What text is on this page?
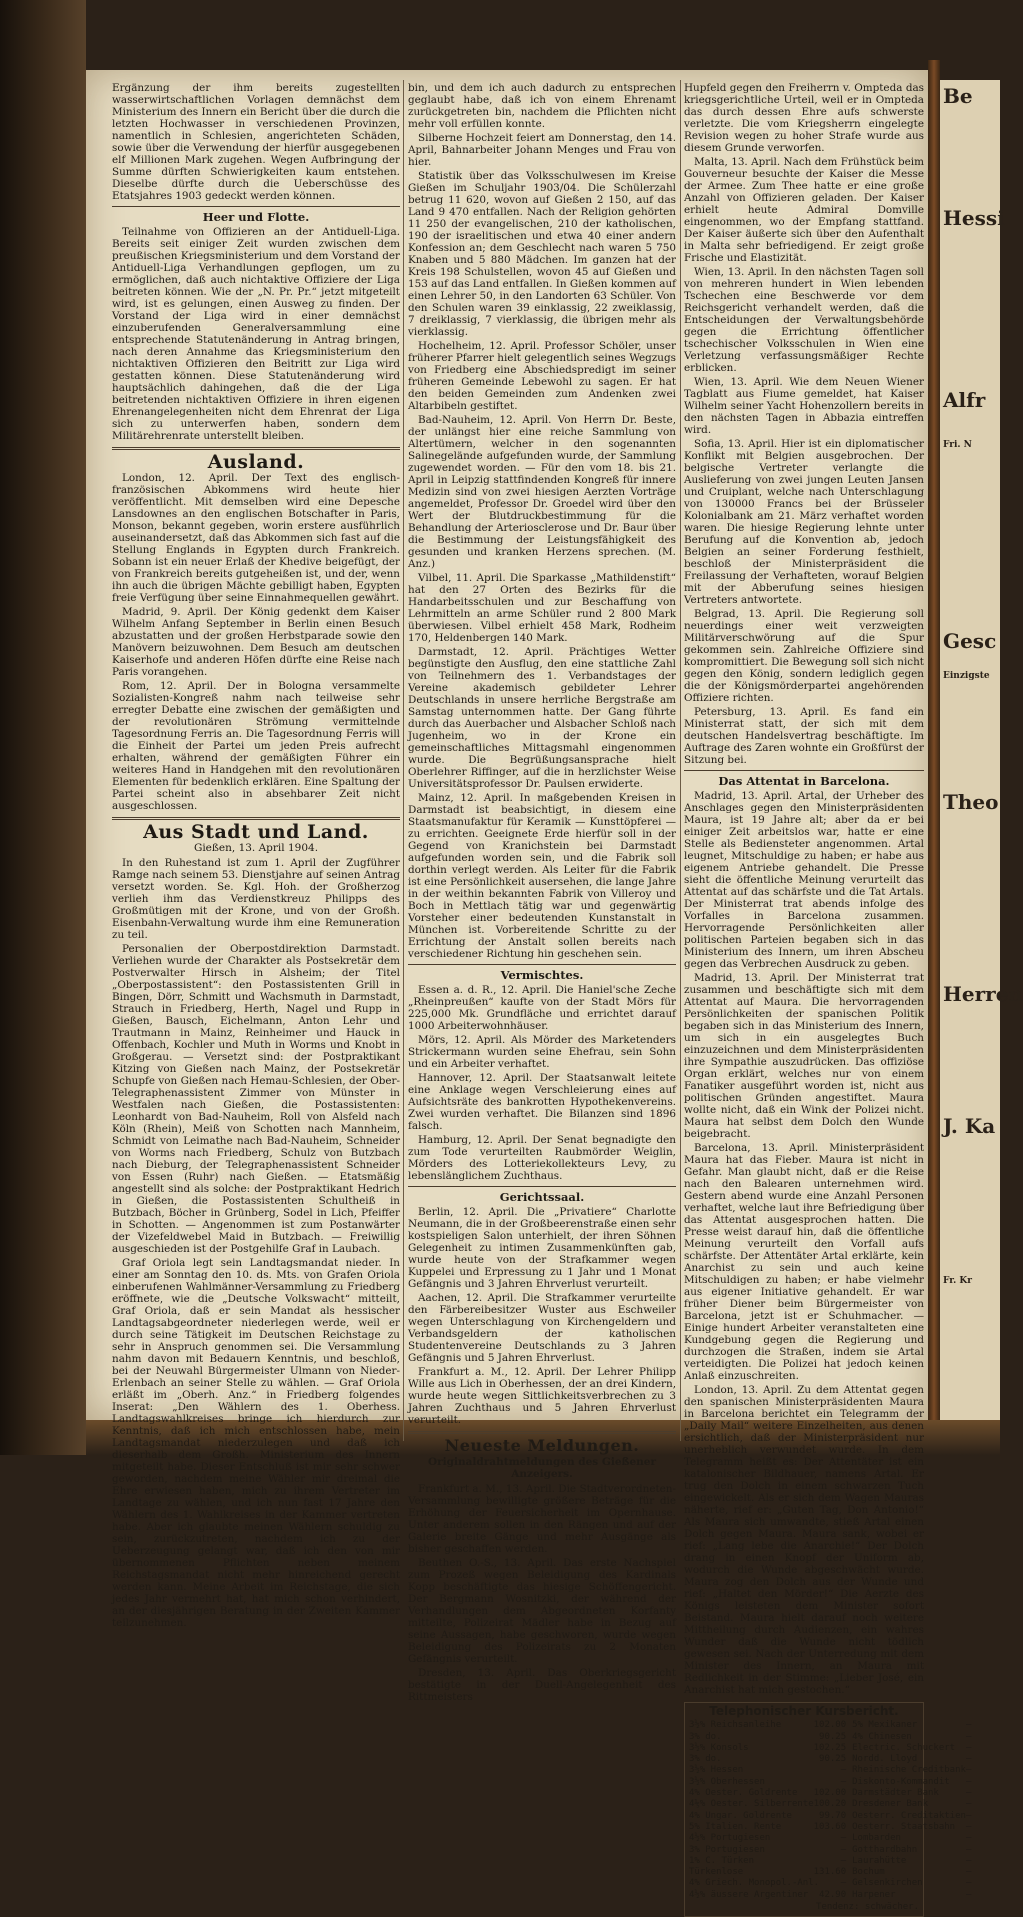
Be
Hessi
Alfr
Fri. N
Gesc
Einzigste
Theo
Herren
J. Ka
Fr. Kr

Ergänzung der ihm bereits zugestellten wasserwirtschaftlichen Vorlagen demnächst dem Ministerium des Innern ein Bericht über die durch die letzten Hochwasser in verschiedenen Provinzen, namentlich in Schlesien, angerichteten Schäden, sowie über die Verwendung der hierfür ausgegebenen elf Millionen Mark zugehen. Wegen Aufbringung der Summe dürften Schwierigkeiten kaum entstehen. Dieselbe dürfte durch die Ueberschüsse des Etatsjahres 1903 gedeckt werden können.

Heer und Flotte.

Teilnahme von Offizieren an der Antiduell-Liga. Bereits seit einiger Zeit wurden zwischen dem preußischen Kriegsministerium und dem Vorstand der Antiduell-Liga Verhandlungen gepflogen, um zu ermöglichen, daß auch nichtaktive Offiziere der Liga beitreten können. Wie der „N. Pr. Pr.“ jetzt mitgeteilt wird, ist es gelungen, einen Ausweg zu finden. Der Vorstand der Liga wird in einer demnächst einzuberufenden Generalversammlung eine entsprechende Statutenänderung in Antrag bringen, nach deren Annahme das Kriegsministerium den nichtaktiven Offizieren den Beitritt zur Liga wird gestatten können. Diese Statutenänderung wird hauptsächlich dahingehen, daß die der Liga beitretenden nichtaktiven Offiziere in ihren eigenen Ehrenangelegenheiten nicht dem Ehrenrat der Liga sich zu unterwerfen haben, sondern dem Militärehrenrate unterstellt bleiben.

Ausland.

London, 12. April. Der Text des englisch-französischen Abkommens wird heute hier veröffentlicht. Mit demselben wird eine Depesche Lansdownes an den englischen Botschafter in Paris, Monson, bekannt gegeben, worin erstere ausführlich auseinandersetzt, daß das Abkommen sich fast auf die Stellung Englands in Egypten durch Frankreich. Sobann ist ein neuer Erlaß der Khedive beigefügt, der von Frankreich bereits gutgeheißen ist, und der, wenn ihn auch die übrigen Mächte gebilligt haben, Egypten freie Verfügung über seine Einnahmequellen gewährt.

Madrid, 9. April. Der König gedenkt dem Kaiser Wilhelm Anfang September in Berlin einen Besuch abzustatten und der großen Herbstparade sowie den Manövern beizuwohnen. Dem Besuch am deutschen Kaiserhofe und anderen Höfen dürfte eine Reise nach Paris vorangehen.

Rom, 12. April. Der in Bologna versammelte Sozialisten-Kongreß nahm nach teilweise sehr erregter Debatte eine zwischen der gemäßigten und der revolutionären Strömung vermittelnde Tagesordnung Ferris an. Die Tagesordnung Ferris will die Einheit der Partei um jeden Preis aufrecht erhalten, während der gemäßigten Führer ein weiteres Hand in Handgehen mit den revolutionären Elementen für bedenklich erklären. Eine Spaltung der Partei scheint also in absehbarer Zeit nicht ausgeschlossen.

Aus Stadt und Land.
Gießen, 13. April 1904.

In den Ruhestand ist zum 1. April der Zugführer Ramge nach seinem 53. Dienstjahre auf seinen Antrag versetzt worden. Se. Kgl. Hoh. der Großherzog verlieh ihm das Verdienstkreuz Philipps des Großmütigen mit der Krone, und von der Großh. Eisenbahn-Verwaltung wurde ihm eine Remuneration zu teil.

Personalien der Oberpostdirektion Darmstadt. Verliehen wurde der Charakter als Postsekretär dem Postverwalter Hirsch in Alsheim; der Titel „Oberpostassistent“: den Postassistenten Grill in Bingen, Dörr, Schmitt und Wachsmuth in Darmstadt, Strauch in Friedberg, Herth, Nagel und Rupp in Gießen, Bausch, Eichelmann, Anton Lehr und Trautmann in Mainz, Reinheimer und Hauck in Offenbach, Kochler und Muth in Worms und Knobt in Großgerau. — Versetzt sind: der Postpraktikant Kitzing von Gießen nach Mainz, der Postsekretär Schupfe von Gießen nach Hemau-Schlesien, der Ober-Telegraphenassistent Zimmer von Münster in Westfalen nach Gießen, die Postassistenten: Leonhardt von Bad-Nauheim, Roll von Alsfeld nach Köln (Rhein), Meiß von Schotten nach Mannheim, Schmidt von Leimathe nach Bad-Nauheim, Schneider von Worms nach Friedberg, Schulz von Butzbach nach Dieburg, der Telegraphenassistent Schneider von Essen (Ruhr) nach Gießen. — Etatsmäßig angestellt sind als solche: der Postpraktikant Hedrich in Gießen, die Postassistenten Schultheiß in Butzbach, Böcher in Grünberg, Sodel in Lich, Pfeiffer in Schotten. — Angenommen ist zum Postanwärter der Vizefeldwebel Maid in Butzbach. — Freiwillig ausgeschieden ist der Postgehilfe Graf in Laubach.

Graf Oriola legt sein Landtagsmandat nieder. In einer am Sonntag den 10. ds. Mts. von Grafen Oriola einberufenen Wahlmänner-Versammlung zu Friedberg eröffnete, wie die „Deutsche Volkswacht“ mitteilt, Graf Oriola, daß er sein Mandat als hessischer Landtagsabgeordneter niederlegen werde, weil er durch seine Tätigkeit im Deutschen Reichstage zu sehr in Anspruch genommen sei. Die Versammlung nahm davon mit Bedauern Kenntnis, und beschloß, bei der Neuwahl Bürgermeister Ulmann von Nieder-Erlenbach an seiner Stelle zu wählen. — Graf Oriola erläßt im „Oberh. Anz.“ in Friedberg folgendes Inserat: „Den Wählern des 1. Oberhess. Landtagswahlkreises bringe ich hierdurch zur Kenntnis, daß ich mich entschlossen habe, mein Landtagsmandat niederzulegen und daß ich dieserhalb dem Großh. Ministerium des Innern mitgeteilt habe. Dieser Entschluß ist mir sehr schwer geworden, nachdem meine Wähler mir dreimal die Ehre erwiesen haben, mich zu ihrem Vertreter im Landtage zu wählen, und ich nun fast 17 Jahre den Wählern des 1. Wahlkreises in der Kammer vertreten habe. Aber ich glaubte meinen Wählern schuldig zu sein, zurückzutreten, nachdem ich zu der Ueberzeugung gelangt war, daß ich den von mir übernommenen Pflichten neben meinem Reichstagsmandat nicht mehr hinreichend gerecht werden kann. Meine Arbeit im Reichstage, die sich jedes Jahr vermehrt hat, hat mich schon verhindert, an der diesjährigen Beratung in der Zweiten Kammer teilzunehmen.

bin, und dem ich auch dadurch zu entsprechen geglaubt habe, daß ich von einem Ehrenamt zurückgetreten bin, nachdem die Pflichten nicht mehr voll erfüllen konnte.

Silberne Hochzeit feiert am Donnerstag, den 14. April, Bahnarbeiter Johann Menges und Frau von hier.

Statistik über das Volksschulwesen im Kreise Gießen im Schuljahr 1903/04. Die Schülerzahl betrug 11 620, wovon auf Gießen 2 150, auf das Land 9 470 entfallen. Nach der Religion gehörten 11 250 der evangelischen, 210 der katholischen, 190 der israelitischen und etwa 40 einer andern Konfession an; dem Geschlecht nach waren 5 750 Knaben und 5 880 Mädchen. Im ganzen hat der Kreis 198 Schulstellen, wovon 45 auf Gießen und 153 auf das Land entfallen. In Gießen kommen auf einen Lehrer 50, in den Landorten 63 Schüler. Von den Schulen waren 39 einklassig, 22 zweiklassig, 7 dreiklassig, 7 vierklassig, die übrigen mehr als vierklassig.

Hochelheim, 12. April. Professor Schöler, unser früherer Pfarrer hielt gelegentlich seines Wegzugs von Friedberg eine Abschiedspredigt im seiner früheren Gemeinde Lebewohl zu sagen. Er hat den beiden Gemeinden zum Andenken zwei Altarbibeln gestiftet.

Bad-Nauheim, 12. April. Von Herrn Dr. Beste, der unlängst hier eine reiche Sammlung von Altertümern, welcher in den sogenannten Salinegelände aufgefunden wurde, der Sammlung zugewendet worden. — Für den vom 18. bis 21. April in Leipzig stattfindenden Kongreß für innere Medizin sind von zwei hiesigen Aerzten Vorträge angemeldet, Professor Dr. Groedel wird über den Wert der Blutdruckbestimmung für die Behandlung der Arteriosclerose und Dr. Baur über die Bestimmung der Leistungsfähigkeit des gesunden und kranken Herzens sprechen. (M. Anz.)

Vilbel, 11. April. Die Sparkasse „Mathildenstift“ hat den 27 Orten des Bezirks für die Handarbeitsschulen und zur Beschaffung von Lehrmitteln an arme Schüler rund 2 800 Mark überwiesen. Vilbel erhielt 458 Mark, Rodheim 170, Heldenbergen 140 Mark.

Darmstadt, 12. April. Prächtiges Wetter begünstigte den Ausflug, den eine stattliche Zahl von Teilnehmern des 1. Verbandstages der Vereine akademisch gebildeter Lehrer Deutschlands in unsere herrliche Bergstraße am Samstag unternommen hatte. Der Gang führte durch das Auerbacher und Alsbacher Schloß nach Jugenheim, wo in der Krone ein gemeinschaftliches Mittagsmahl eingenommen wurde. Die Begrüßungsansprache hielt Oberlehrer Riffinger, auf die in herzlichster Weise Universitätsprofessor Dr. Paulsen erwiderte.

Mainz, 12. April. In maßgebenden Kreisen in Darmstadt ist beabsichtigt, in diesem eine Staatsmanufaktur für Keramik — Kunsttöpferei — zu errichten. Geeignete Erde hierfür soll in der Gegend von Kranichstein bei Darmstadt aufgefunden worden sein, und die Fabrik soll dorthin verlegt werden. Als Leiter für die Fabrik ist eine Persönlichkeit ausersehen, die lange Jahre in der weithin bekannten Fabrik von Villeroy und Boch in Mettlach tätig war und gegenwärtig Vorsteher einer bedeutenden Kunstanstalt in München ist. Vorbereitende Schritte zu der Errichtung der Anstalt sollen bereits nach verschiedener Richtung hin geschehen sein.

Vermischtes.

Essen a. d. R., 12. April. Die Haniel'sche Zeche „Rheinpreußen“ kaufte von der Stadt Mörs für 225,000 Mk. Grundfläche und errichtet darauf 1000 Arbeiterwohnhäuser.

Mörs, 12. April. Als Mörder des Marketenders Strickermann wurden seine Ehefrau, sein Sohn und ein Arbeiter verhaftet.

Hannover, 12. April. Der Staatsanwalt leitete eine Anklage wegen Verschleierung eines auf Aufsichtsräte des bankrotten Hypothekenvereins. Zwei wurden verhaftet. Die Bilanzen sind 1896 falsch.

Hamburg, 12. April. Der Senat begnadigte den zum Tode verurteilten Raubmörder Weiglin, Mörders des Lotteriekollekteurs Levy, zu lebenslänglichem Zuchthaus.

Gerichtssaal.

Berlin, 12. April. Die „Privatiere“ Charlotte Neumann, die in der Großbeerenstraße einen sehr kostspieligen Salon unterhielt, der ihren Söhnen Gelegenheit zu intimen Zusammenkünften gab, wurde heute von der Strafkammer wegen Kuppelei und Erpressung zu 1 Jahr und 1 Monat Gefängnis und 3 Jahren Ehrverlust verurteilt.

Aachen, 12. April. Die Strafkammer verurteilte den Färbereibesitzer Wuster aus Eschweiler wegen Unterschlagung von Kirchengeldern und Verbandsgeldern der katholischen Studentenvereine Deutschlands zu 3 Jahren Gefängnis und 5 Jahren Ehrverlust.

Frankfurt a. M., 12. April. Der Lehrer Philipp Wille aus Lich in Oberhessen, der an drei Kindern, wurde heute wegen Sittlichkeitsverbrechen zu 3 Jahren Zuchthaus und 5 Jahren Ehrverlust verurteilt.

Neueste Meldungen.
Originaldrahtmeldungen des Gießener Anzeigers.

Frankfurt a. M., 13. April. Die Stadtverordneten-Versammlung bewilligte größere Beträge für die Erhöhung der Feuersicherheit im Opernhause. Unter anderem sollen in den Rängen und auf der Galerie breite Gänge und mehr Ausgänge als bisher geschaffen werden.

Beuthen O.-S., 13. April. Das erste Nachspiel zum Prozeß wegen Beleidigung des Kardinals Kopp beschäftigte das hiesige Schöffengericht. Der Bergmann Wosnitzki, der während der Verhandlungen dem Abgeordneten Korfanty mitteilte, Polizeirat Mädler habe in Bezug auf seine Aussagen, habe geschworen, wurde wegen Beleidigung des Polizeirats zu 2 Monaten Gefängnis verurteilt.

Dresden, 13. April. Das Oberkriegsgericht bestätigte in der Duell-Angelegenheit des Rittmeisters

Hupfeld gegen den Freiherrn v. Ompteda das kriegsgerichtliche Urteil, weil er in Ompteda das durch dessen Ehre aufs schwerste verletzte. Die vom Kriegsherrn eingelegte Revision wegen zu hoher Strafe wurde aus diesem Grunde verworfen.

Malta, 13. April. Nach dem Frühstück beim Gouverneur besuchte der Kaiser die Messe der Armee. Zum Thee hatte er eine große Anzahl von Offizieren geladen. Der Kaiser erhielt heute Admiral Domville eingenommen, wo der Empfang stattfand. Der Kaiser äußerte sich über den Aufenthalt in Malta sehr befriedigend. Er zeigt große Frische und Elastizität.

Wien, 13. April. In den nächsten Tagen soll von mehreren hundert in Wien lebenden Tschechen eine Beschwerde vor dem Reichsgericht verhandelt werden, daß die Entscheidungen der Verwaltungsbehörde gegen die Errichtung öffentlicher tschechischer Volksschulen in Wien eine Verletzung verfassungsmäßiger Rechte erblicken.

Wien, 13. April. Wie dem Neuen Wiener Tagblatt aus Fiume gemeldet, hat Kaiser Wilhelm seiner Yacht Hohenzollern bereits in den nächsten Tagen in Abbazia eintreffen wird.

Sofia, 13. April. Hier ist ein diplomatischer Konflikt mit Belgien ausgebrochen. Der belgische Vertreter verlangte die Auslieferung von zwei jungen Leuten Jansen und Cruiplant, welche nach Unterschlagung von 130000 Francs bei der Brüsseler Kolonialbank am 21. März verhaftet worden waren. Die hiesige Regierung lehnte unter Berufung auf die Konvention ab, jedoch Belgien an seiner Forderung festhielt, beschloß der Ministerpräsident die Freilassung der Verhafteten, worauf Belgien mit der Abberufung seines hiesigen Vertreters antwortete.

Belgrad, 13. April. Die Regierung soll neuerdings einer weit verzweigten Militärverschwörung auf die Spur gekommen sein. Zahlreiche Offiziere sind kompromittiert. Die Bewegung soll sich nicht gegen den König, sondern lediglich gegen die der Königsmörderpartei angehörenden Offiziere richten.

Petersburg, 13. April. Es fand ein Ministerrat statt, der sich mit dem deutschen Handelsvertrag beschäftigte. Im Auftrage des Zaren wohnte ein Großfürst der Sitzung bei.

Das Attentat in Barcelona.

Madrid, 13. April. Artal, der Urheber des Anschlages gegen den Ministerpräsidenten Maura, ist 19 Jahre alt; aber da er bei einiger Zeit arbeitslos war, hatte er eine Stelle als Bediensteter angenommen. Artal leugnet, Mitschuldige zu haben; er habe aus eigenem Antriebe gehandelt. Die Presse sieht die öffentliche Meinung verurteilt das Attentat auf das schärfste und die Tat Artals. Der Ministerrat trat abends infolge des Vorfalles in Barcelona zusammen. Hervorragende Persönlichkeiten aller politischen Parteien begaben sich in das Ministerium des Innern, um ihren Abscheu gegen das Verbrechen Ausdruck zu geben.

Madrid, 13. April. Der Ministerrat trat zusammen und beschäftigte sich mit dem Attentat auf Maura. Die hervorragenden Persönlichkeiten der spanischen Politik begaben sich in das Ministerium des Innern, um sich in ein ausgelegtes Buch einzuzeichnen und dem Ministerpräsidenten ihre Sympathie auszudrücken. Das offiziöse Organ erklärt, welches nur von einem Fanatiker ausgeführt worden ist, nicht aus politischen Gründen angestiftet. Maura wollte nicht, daß ein Wink der Polizei nicht. Maura hat selbst dem Dolch den Wunde beigebracht.

Barcelona, 13. April. Ministerpräsident Maura hat das Fieber. Maura ist nicht in Gefahr. Man glaubt nicht, daß er die Reise nach den Balearen unternehmen wird. Gestern abend wurde eine Anzahl Personen verhaftet, welche laut ihre Befriedigung über das Attentat ausgesprochen hatten. Die Presse weist darauf hin, daß die öffentliche Meinung verurteilt den Vorfall aufs schärfste. Der Attentäter Artal erklärte, kein Anarchist zu sein und auch keine Mitschuldigen zu haben; er habe vielmehr aus eigener Initiative gehandelt. Er war früher Diener beim Bürgermeister von Barcelona, jetzt ist er Schuhmacher. — Einige hundert Arbeiter veranstalteten eine Kundgebung gegen die Regierung und durchzogen die Straßen, indem sie Artal verteidigten. Die Polizei hat jedoch keinen Anlaß einzuschreiten.

London, 13. April. Zu dem Attentat gegen den spanischen Ministerpräsidenten Maura in Barcelona berichtet ein Telegramm der „Daily Mail“ weitere Einzelheiten, aus denen ersichtlich, daß der Ministerpräsident nur unerheblich verwundet wurde. In dem Telegramm heißt es: Der Attentäter ist ein katalonischer Bildhauer, namens Artal. Er trug den Dolch in einem schwarzen Tuch eingewickelt. Als er sich dem Wagen Mauras näherte, rief er: „Guten Tag, Don Antonio!“ Als Maura sich umwandte, stieß Artal einen Dolch gegen Maura. Maura sank, wobei er rief: „Lang lebe die Anarchie!“ Der Dolch drang in einen Knopf der Uniform ab, wodurch die Wunde abgeschwächt wurde. Maura zog den Dolch aus der Wunde und rief: „Haltet den Mörder!“ Die Aerzte des Königs leisteten dem Minister sofort Beistand. Maura hielt darauf noch weitere Mittheilung durch Audienzen, ein wahres Wunder daß die Wunde nicht tödlich gewesen sei. Nach der Unterredung mit dem Minister des Innern, an Maura mit Redlichkeit in der Stimme: „Lieber José, ein Anarchist hat mich gestochen.“

Telephonischer Kursbericht.
3½% Reichsanleihe	102.00
3% do.	90.25
3½% Konsols	102.25
3% do.	90.25
3½% Hessen	—
3½% Oberhessen	—
4% Oester. Goldrente 102.00
4⅕% Oester. Silberrente 100.20
4% Ungar. Goldrente	99.70
5% Italien. Rente	103.60
4½% Portugiesen	—
3% Portugiesen	—
1% C. Türken	—
Türkenlose	131.60
4% Griech. Monopol.-Anl. —
4½% äussere Argentiner 42.90
5% Mexikaner	—
4% Chinesen	—
Electric. Schuckert —
Nordd. Lloyd	—
Rheinische Creditbank —
Diskonto-Kommandit —
Darmstädter Bank	—
Dresdener Bank	—
Oesterr. Creditaktien —
Oesterr. Staatsbahn —
Lombarden	—
Gotthardbahn	—
Laurahütte	—
Bochum	—
Gelsenkirchen	—
Harpener	—
Tendenz: schwächer.
